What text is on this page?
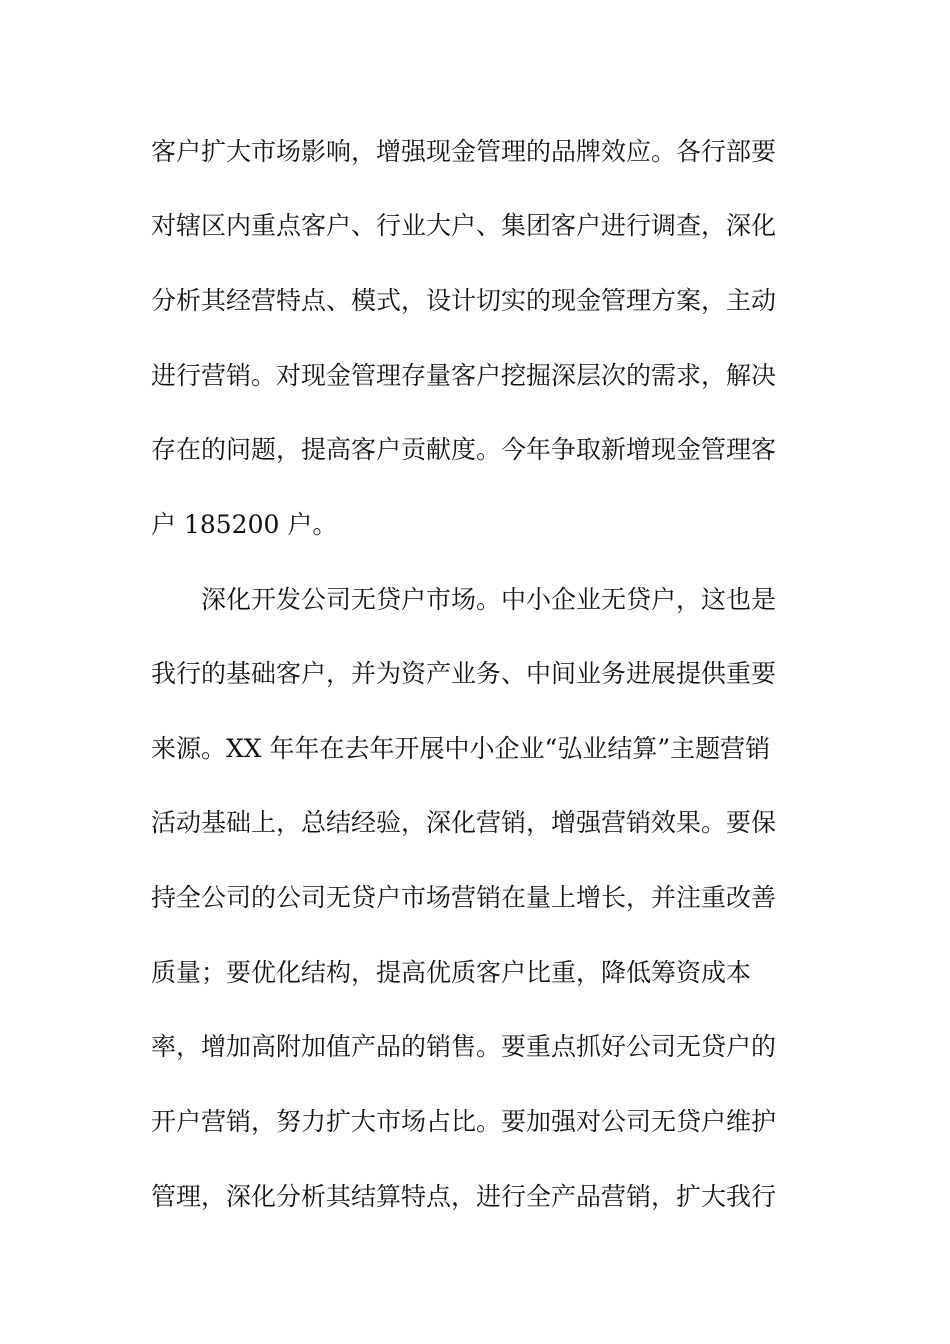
客户扩大市场影响，增强现金管理的品牌效应。各行部要
对辖区内重点客户、行业大户、集团客户进行调查，深化
分析其经营特点、模式，设计切实的现金管理方案，主动
进行营销。对现金管理存量客户挖掘深层次的需求，解决
存在的问题，提高客户贡献度。今年争取新增现金管理客
户 185200 户。
深化开发公司无贷户市场。中小企业无贷户，这也是
我行的基础客户，并为资产业务、中间业务进展提供重要
来源。XX 年年在去年开展中小企业“弘业结算”主题营销
活动基础上，总结经验，深化营销，增强营销效果。要保
持全公司的公司无贷户市场营销在量上增长，并注重改善
质量；要优化结构，提高优质客户比重，降低筹资成本
率，增加高附加值产品的销售。要重点抓好公司无贷户的
开户营销，努力扩大市场占比。要加强对公司无贷户维护
管理，深化分析其结算特点，进行全产品营销，扩大我行
